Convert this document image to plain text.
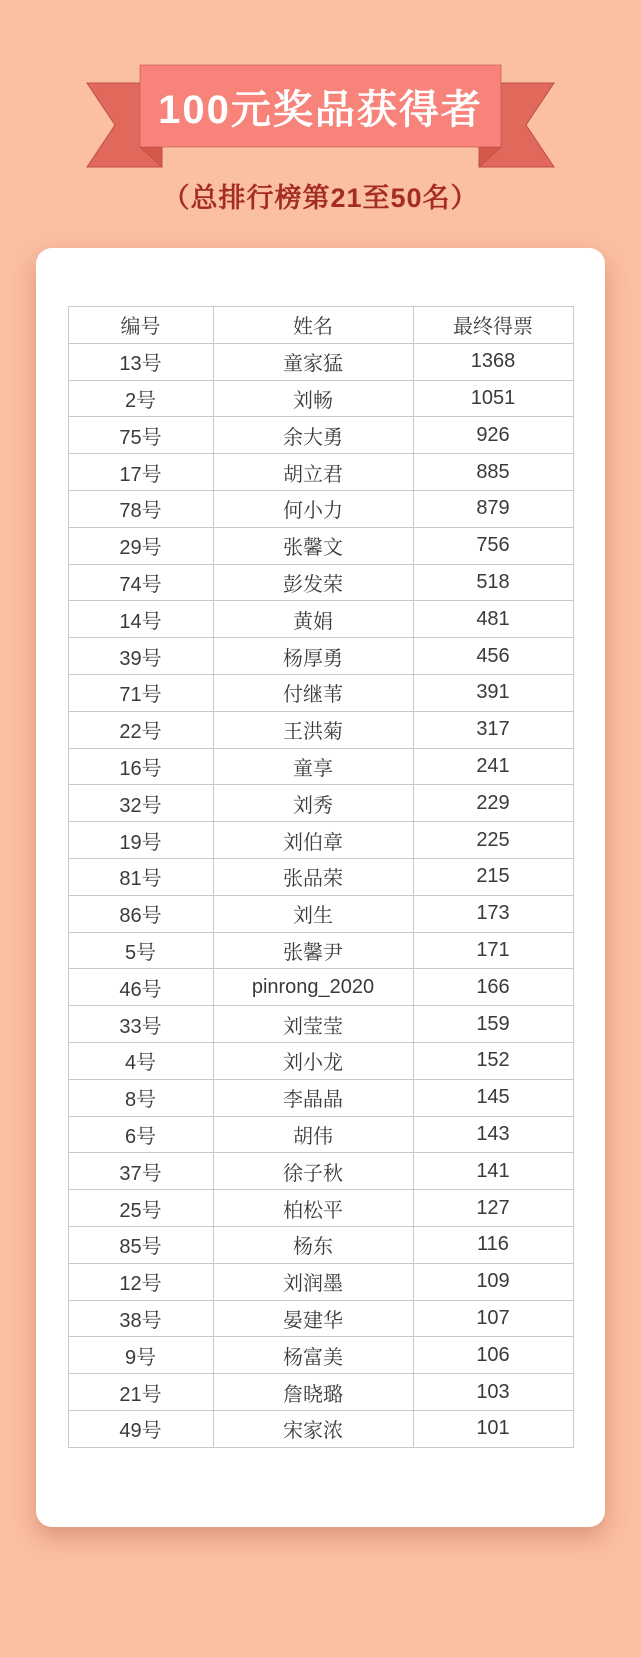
100元奖品获得者
（总排行榜第21至50名）
编号	姓名	最终得票
13号	童家猛	1368
2号	刘畅	1051
75号	余大勇	926
17号	胡立君	885
78号	何小力	879
29号	张馨文	756
74号	彭发荣	518
14号	黄娟	481
39号	杨厚勇	456
71号	付继苇	391
22号	王洪菊	317
16号	童享	241
32号	刘秀	229
19号	刘伯章	225
81号	张品荣	215
86号	刘生	173
5号	张馨尹	171
46号	pinrong_2020	166
33号	刘莹莹	159
4号	刘小龙	152
8号	李晶晶	145
6号	胡伟	143
37号	徐子秋	141
25号	柏松平	127
85号	杨东	116
12号	刘润墨	109
38号	晏建华	107
9号	杨富美	106
21号	詹晓璐	103
49号	宋家浓	101
